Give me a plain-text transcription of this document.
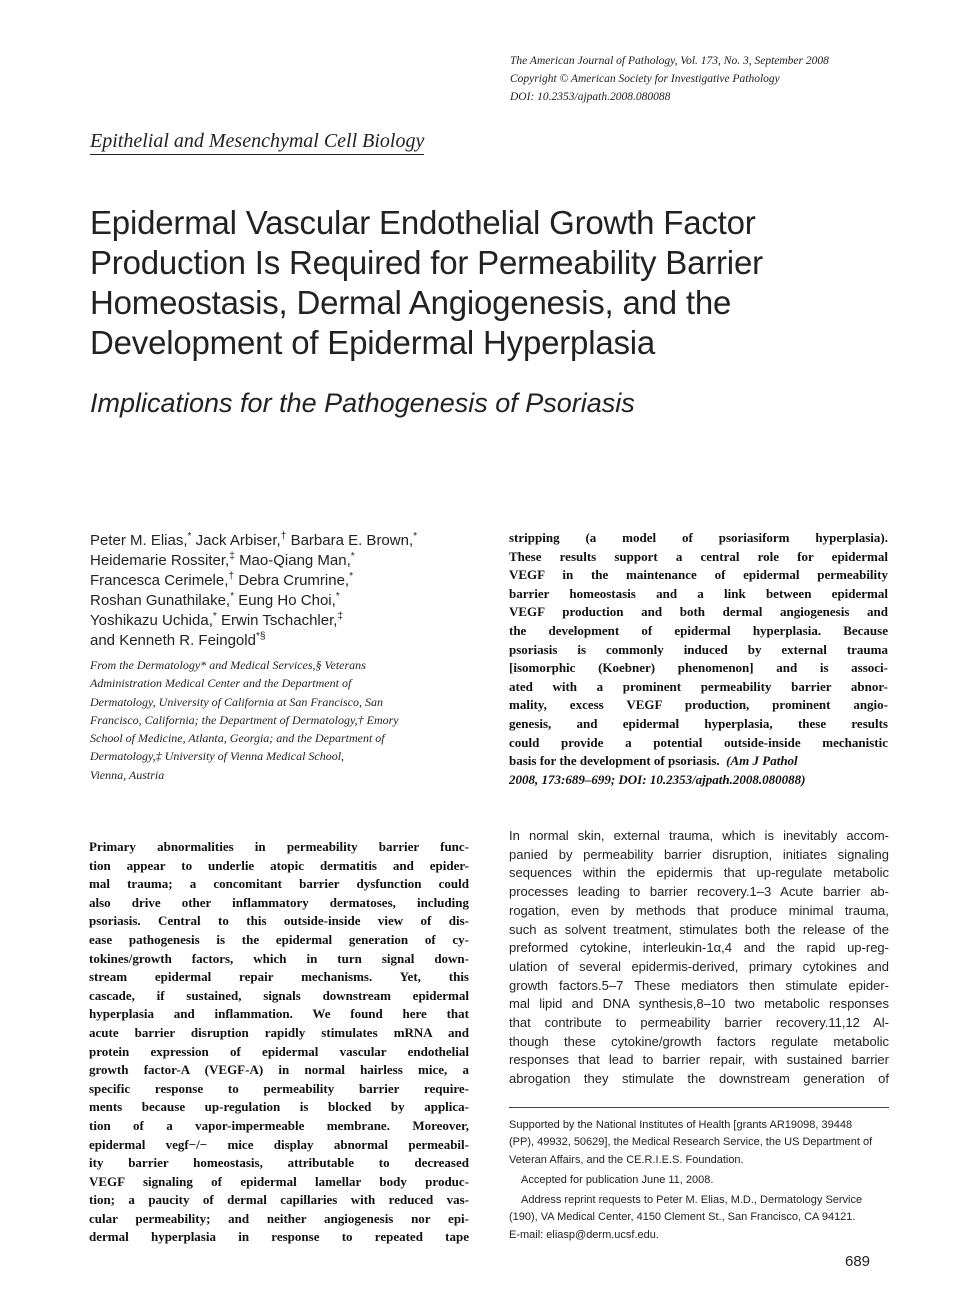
The American Journal of Pathology, Vol. 173, No. 3, September 2008
Copyright © American Society for Investigative Pathology
DOI: 10.2353/ajpath.2008.080088
Epithelial and Mesenchymal Cell Biology
Epidermal Vascular Endothelial Growth Factor
Production Is Required for Permeability Barrier
Homeostasis, Dermal Angiogenesis, and the
Development of Epidermal Hyperplasia
Implications for the Pathogenesis of Psoriasis
Peter M. Elias,* Jack Arbiser,† Barbara E. Brown,*
Heidemarie Rossiter,‡ Mao-Qiang Man,*
Francesca Cerimele,† Debra Crumrine,*
Roshan Gunathilake,* Eung Ho Choi,*
Yoshikazu Uchida,* Erwin Tschachler,‡
and Kenneth R. Feingold*§
From the Dermatology* and Medical Services,§ Veterans
Administration Medical Center and the Department of
Dermatology, University of California at San Francisco, San
Francisco, California; the Department of Dermatology,† Emory
School of Medicine, Atlanta, Georgia; and the Department of
Dermatology,‡ University of Vienna Medical School,
Vienna, Austria
stripping (a model of psoriasiform hyperplasia).
These results support a central role for epidermal
VEGF in the maintenance of epidermal permeability
barrier homeostasis and a link between epidermal
VEGF production and both dermal angiogenesis and
the development of epidermal hyperplasia. Because
psoriasis is commonly induced by external trauma
[isomorphic (Koebner) phenomenon] and is associ-
ated with a prominent permeability barrier abnor-
mality, excess VEGF production, prominent angio-
genesis, and epidermal hyperplasia, these results
could provide a potential outside-inside mechanistic
basis for the development of psoriasis. (Am J Pathol
2008, 173:689–699; DOI: 10.2353/ajpath.2008.080088)
Primary abnormalities in permeability barrier func-
tion appear to underlie atopic dermatitis and epider-
mal trauma; a concomitant barrier dysfunction could
also drive other inflammatory dermatoses, including
psoriasis. Central to this outside-inside view of dis-
ease pathogenesis is the epidermal generation of cy-
tokines/growth factors, which in turn signal down-
stream epidermal repair mechanisms. Yet, this
cascade, if sustained, signals downstream epidermal
hyperplasia and inflammation. We found here that
acute barrier disruption rapidly stimulates mRNA and
protein expression of epidermal vascular endothelial
growth factor-A (VEGF-A) in normal hairless mice, a
specific response to permeability barrier require-
ments because up-regulation is blocked by applica-
tion of a vapor-impermeable membrane. Moreover,
epidermal vegf−/− mice display abnormal permeabil-
ity barrier homeostasis, attributable to decreased
VEGF signaling of epidermal lamellar body produc-
tion; a paucity of dermal capillaries with reduced vas-
cular permeability; and neither angiogenesis nor epi-
dermal hyperplasia in response to repeated tape
In normal skin, external trauma, which is inevitably accom-
panied by permeability barrier disruption, initiates signaling
sequences within the epidermis that up-regulate metabolic
processes leading to barrier recovery.1–3 Acute barrier ab-
rogation, even by methods that produce minimal trauma,
such as solvent treatment, stimulates both the release of the
preformed cytokine, interleukin-1α,4 and the rapid up-reg-
ulation of several epidermis-derived, primary cytokines and
growth factors.5–7 These mediators then stimulate epider-
mal lipid and DNA synthesis,8–10 two metabolic responses
that contribute to permeability barrier recovery.11,12 Al-
though these cytokine/growth factors regulate metabolic
responses that lead to barrier repair, with sustained barrier
abrogation they stimulate the downstream generation of
Supported by the National Institutes of Health [grants AR19098, 39448
(PP), 49932, 50629], the Medical Research Service, the US Department of
Veteran Affairs, and the CE.R.I.E.S. Foundation.
Accepted for publication June 11, 2008.
Address reprint requests to Peter M. Elias, M.D., Dermatology Service
(190), VA Medical Center, 4150 Clement St., San Francisco, CA 94121.
E-mail: eliasp@derm.ucsf.edu.
689
